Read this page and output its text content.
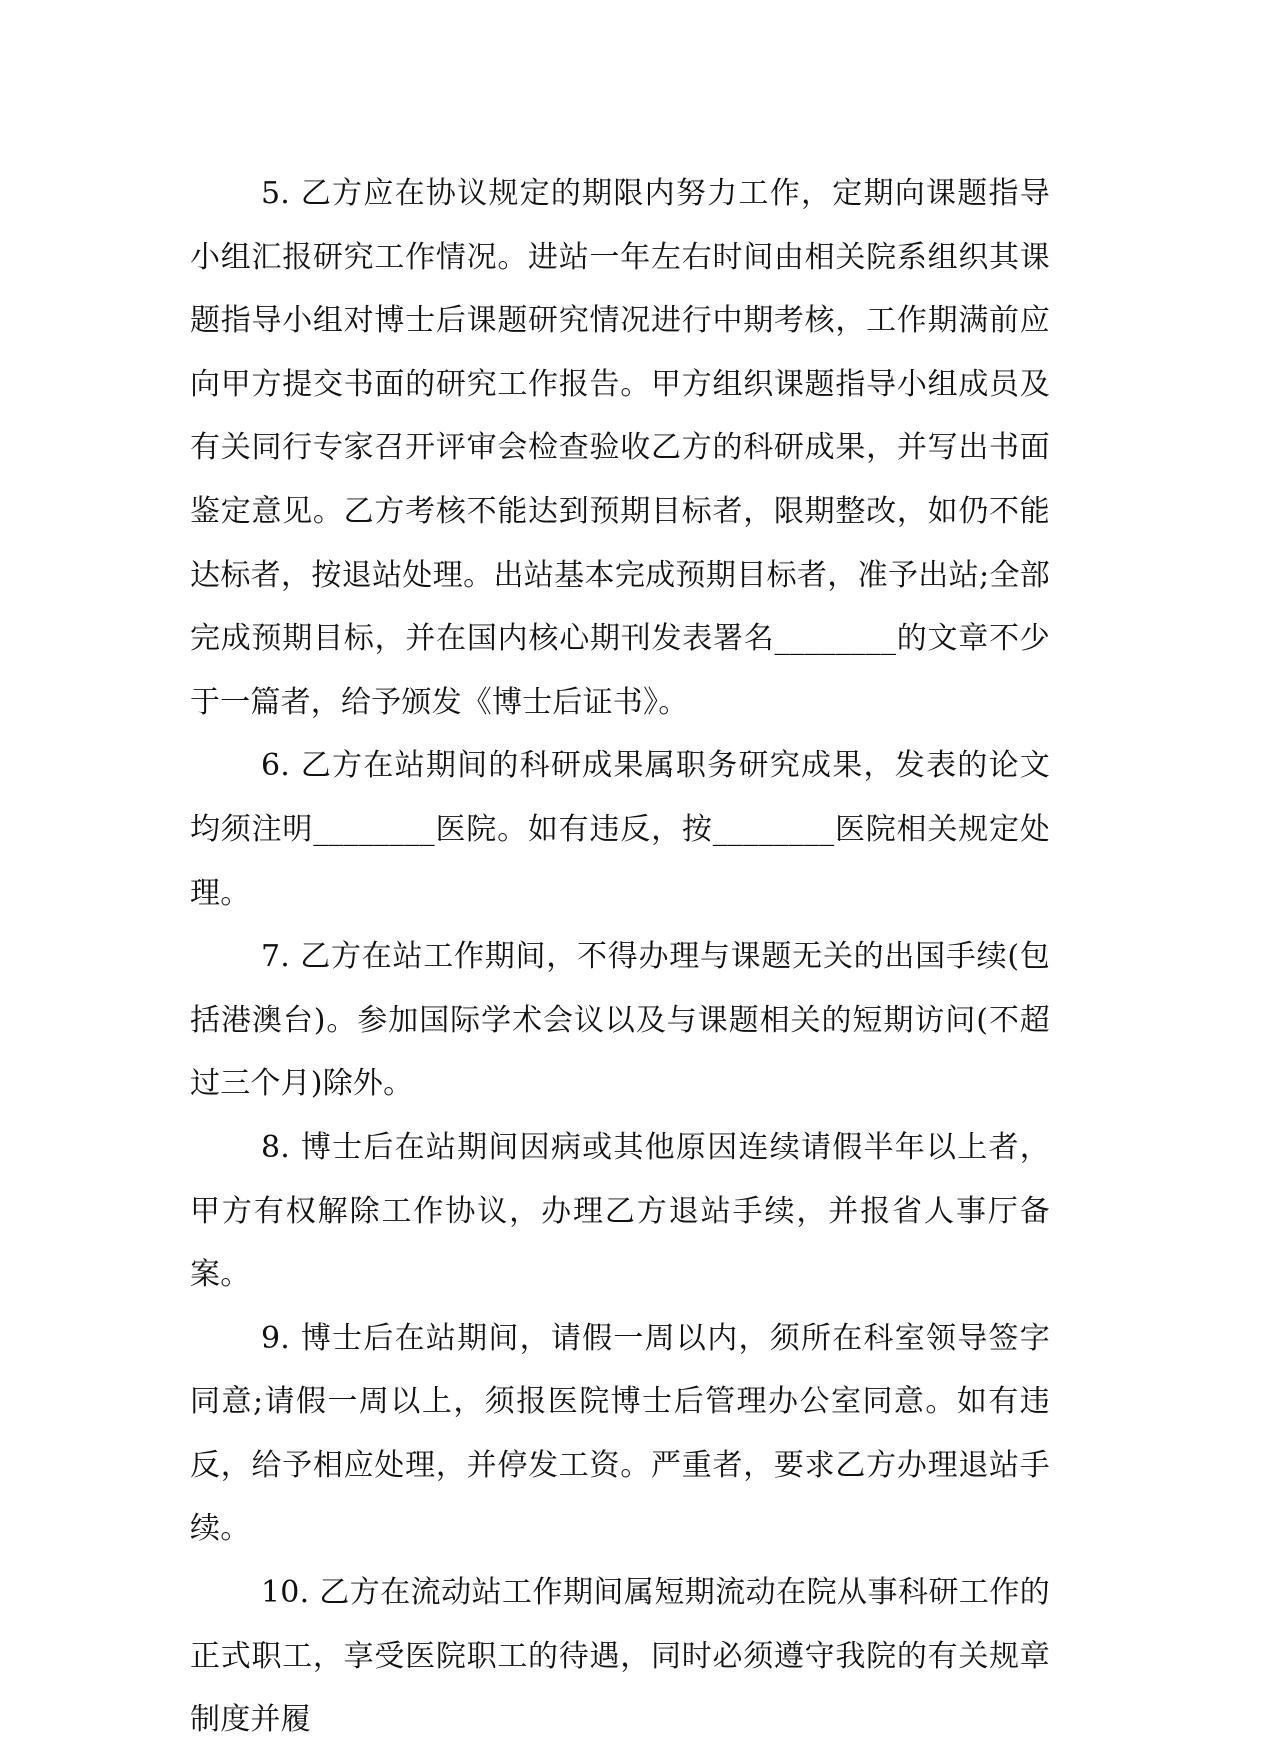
5. 乙方应在协议规定的期限内努力工作，定期向课题指导小组汇报研究工作情况。进站一年左右时间由相关院系组织其课题指导小组对博士后课题研究情况进行中期考核，工作期满前应向甲方提交书面的研究工作报告。甲方组织课题指导小组成员及有关同行专家召开评审会检查验收乙方的科研成果，并写出书面鉴定意见。乙方考核不能达到预期目标者，限期整改，如仍不能达标者，按退站处理。出站基本完成预期目标者，准予出站;全部完成预期目标，并在国内核心期刊发表署名________的文章不少于一篇者，给予颁发《博士后证书》。

6. 乙方在站期间的科研成果属职务研究成果，发表的论文均须注明________医院。如有违反，按________医院相关规定处理。

7. 乙方在站工作期间，不得办理与课题无关的出国手续(包括港澳台)。参加国际学术会议以及与课题相关的短期访问(不超过三个月)除外。

8. 博士后在站期间因病或其他原因连续请假半年以上者，甲方有权解除工作协议，办理乙方退站手续，并报省人事厅备案。

9. 博士后在站期间，请假一周以内，须所在科室领导签字同意;请假一周以上，须报医院博士后管理办公室同意。如有违反，给予相应处理，并停发工资。严重者，要求乙方办理退站手续。

10. 乙方在流动站工作期间属短期流动在院从事科研工作的正式职工，享受医院职工的待遇，同时必须遵守我院的有关规章制度并履
